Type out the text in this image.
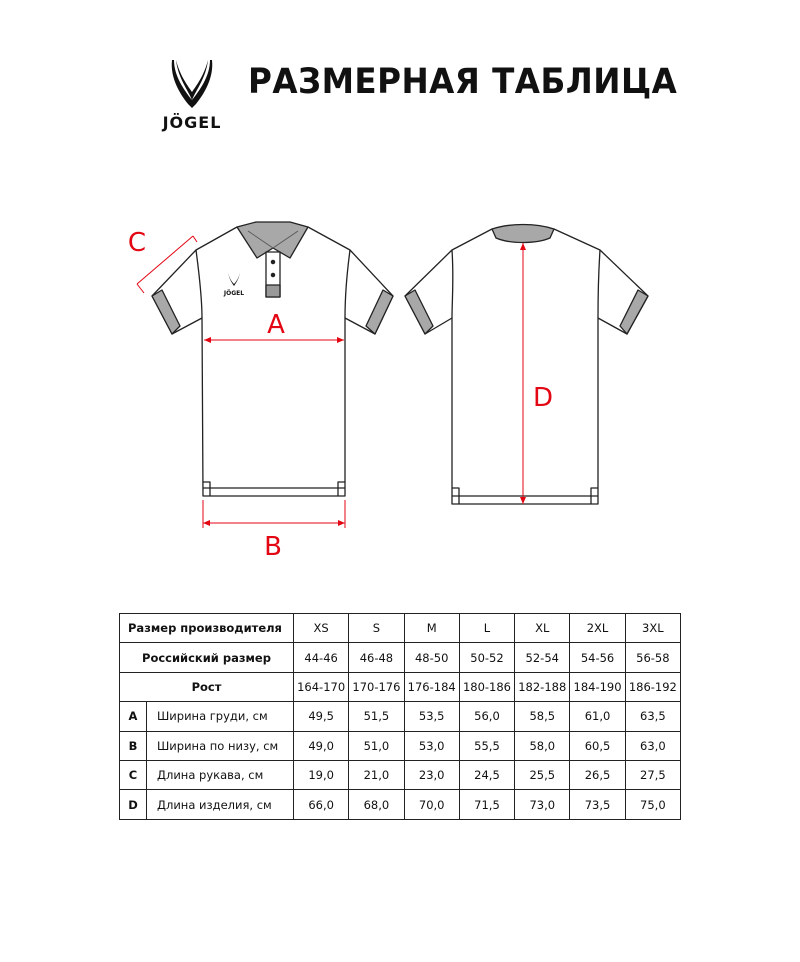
JÖGEL
РАЗМЕРНАЯ ТАБЛИЦА
JÖGEL
A
B
C
D
Размер производителя		XS	S	M	L	XL	2XL	3XL
Российский размер		44-46	46-48	48-50	50-52	52-54	54-56	56-58
Рост		164-170	170-176	176-184	180-186	182-188	184-190	186-192
A	Ширина груди, см	49,5	51,5	53,5	56,0	58,5	61,0	63,5
B	Ширина по низу, см	49,0	51,0	53,0	55,5	58,0	60,5	63,0
C	Длина рукава, см	19,0	21,0	23,0	24,5	25,5	26,5	27,5
D	Длина изделия, см	66,0	68,0	70,0	71,5	73,0	73,5	75,0
